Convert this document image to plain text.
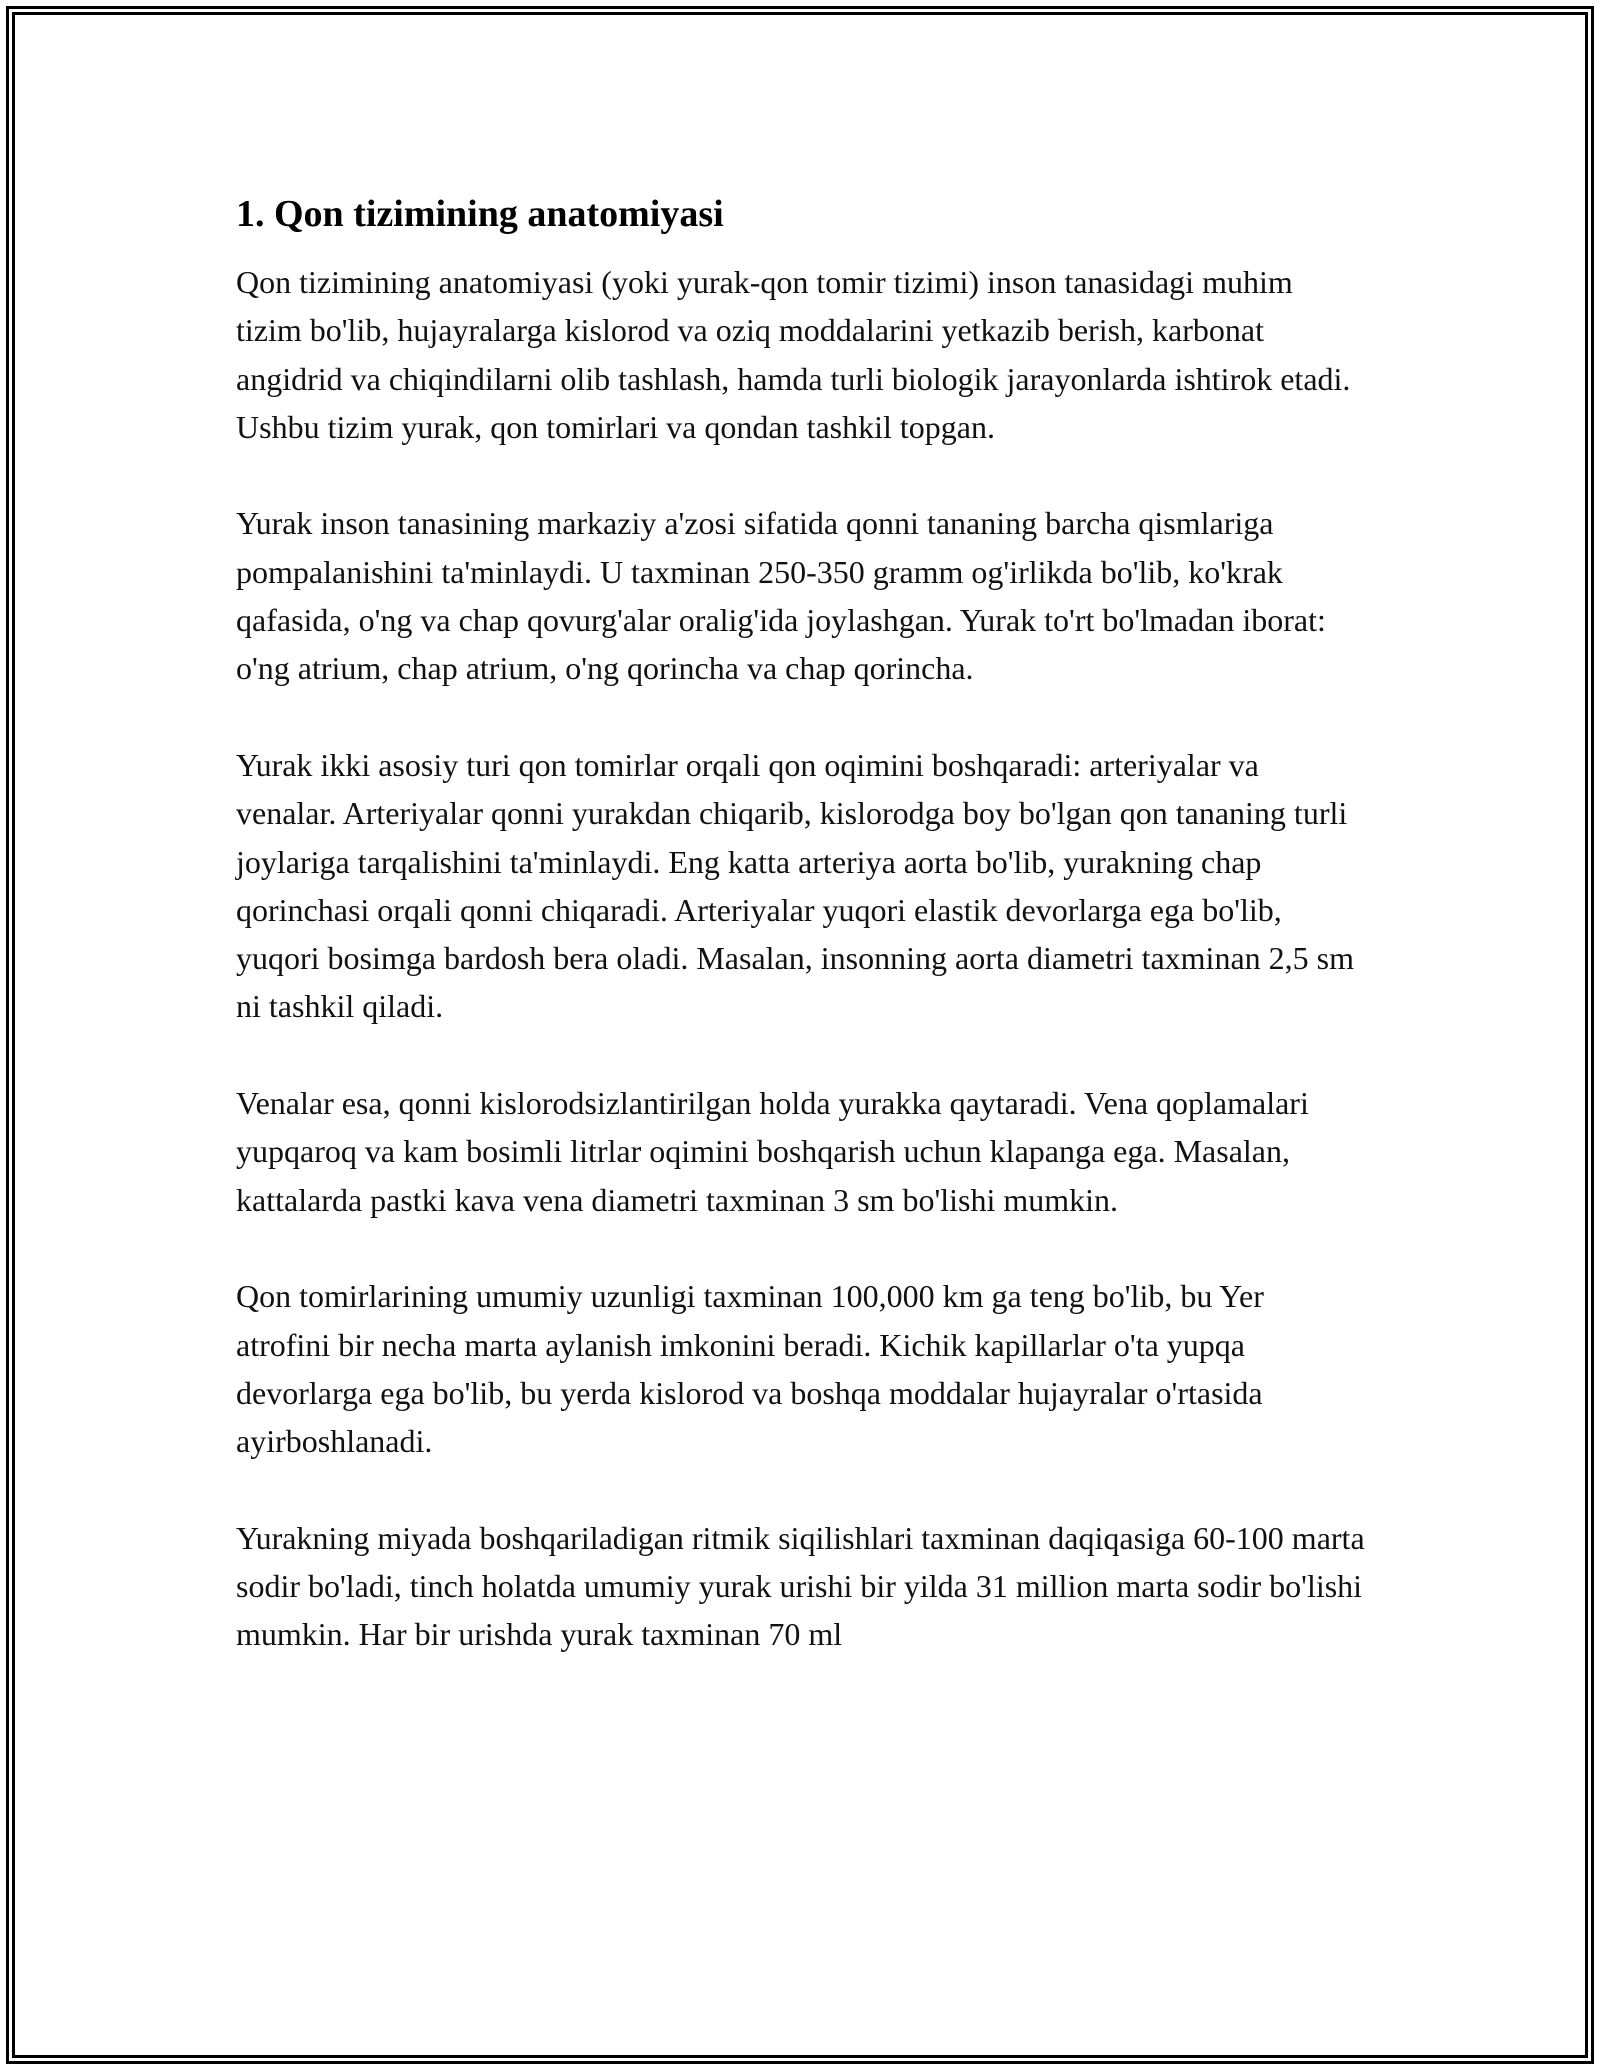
1. Qon tizimining anatomiyasi

Qon tizimining anatomiyasi (yoki yurak-qon tomir tizimi) inson tanasidagi muhim tizim bo'lib, hujayralarga kislorod va oziq moddalarini yetkazib berish, karbonat angidrid va chiqindilarni olib tashlash, hamda turli biologik jarayonlarda ishtirok etadi. Ushbu tizim yurak, qon tomirlari va qondan tashkil topgan.

Yurak inson tanasining markaziy a'zosi sifatida qonni tananing barcha qismlariga pompalanishini ta'minlaydi. U taxminan 250-350 gramm og'irlikda bo'lib, ko'krak qafasida, o'ng va chap qovurg'alar oralig'ida joylashgan. Yurak to'rt bo'lmadan iborat: o'ng atrium, chap atrium, o'ng qorincha va chap qorincha.

Yurak ikki asosiy turi qon tomirlar orqali qon oqimini boshqaradi: arteriyalar va venalar. Arteriyalar qonni yurakdan chiqarib, kislorodga boy bo'lgan qon tananing turli joylariga tarqalishini ta'minlaydi. Eng katta arteriya aorta bo'lib, yurakning chap qorinchasi orqali qonni chiqaradi. Arteriyalar yuqori elastik devorlarga ega bo'lib, yuqori bosimga bardosh bera oladi. Masalan, insonning aorta diametri taxminan 2,5 sm ni tashkil qiladi.

Venalar esa, qonni kislorodsizlantirilgan holda yurakka qaytaradi. Vena qoplamalari yupqaroq va kam bosimli litrlar oqimini boshqarish uchun klapanga ega. Masalan, kattalarda pastki kava vena diametri taxminan 3 sm bo'lishi mumkin.

Qon tomirlarining umumiy uzunligi taxminan 100,000 km ga teng bo'lib, bu Yer atrofini bir necha marta aylanish imkonini beradi. Kichik kapillarlar o'ta yupqa devorlarga ega bo'lib, bu yerda kislorod va boshqa moddalar hujayralar o'rtasida ayirboshlanadi.

Yurakning miyada boshqariladigan ritmik siqilishlari taxminan daqiqasiga 60-100 marta sodir bo'ladi, tinch holatda umumiy yurak urishi bir yilda 31 million marta sodir bo'lishi mumkin. Har bir urishda yurak taxminan 70 ml
